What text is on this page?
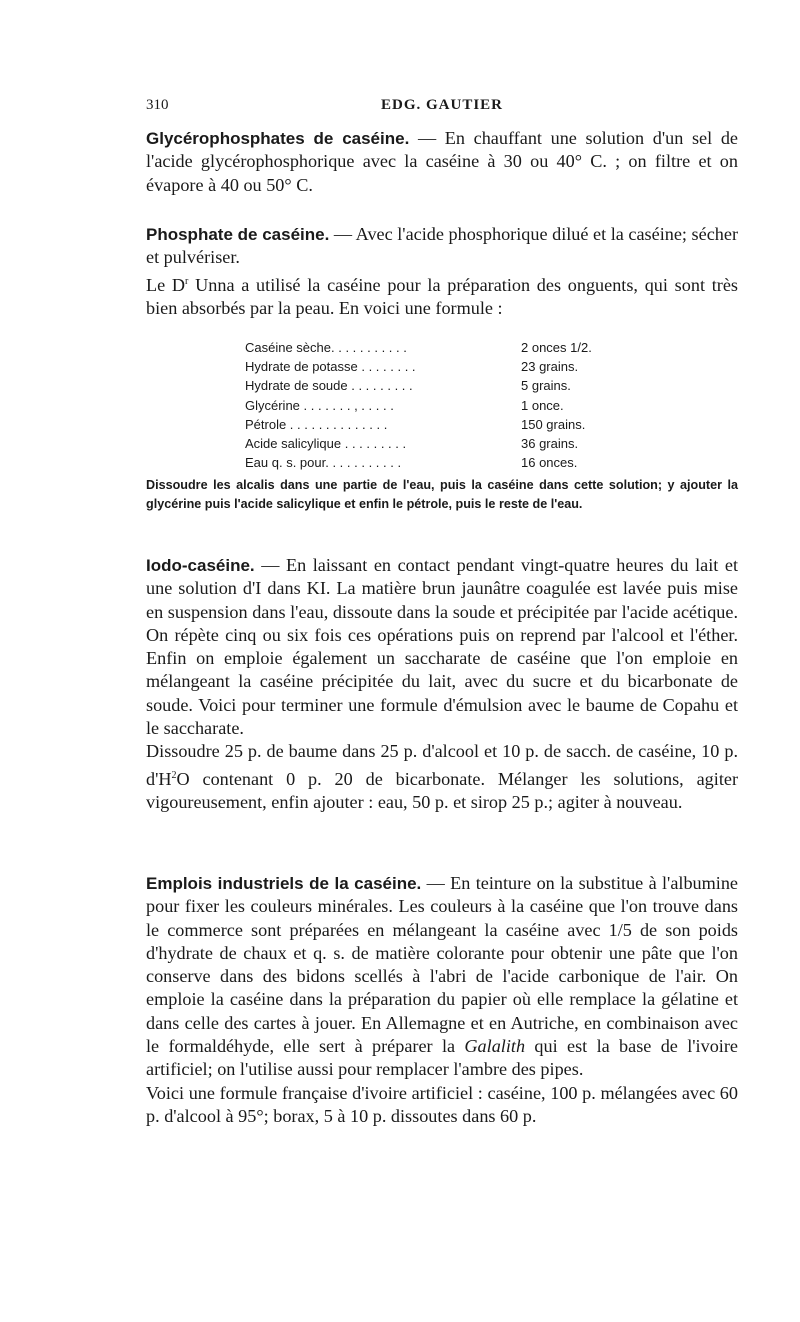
310	EDG. GAUTIER

Glycérophosphates de caséine. — En chauffant une solution d'un sel de l'acide glycérophosphorique avec la caséine à 30 ou 40° C. ; on filtre et on évapore à 40 ou 50° C.

Phosphate de caséine. — Avec l'acide phosphorique dilué et la caséine; sécher et pulvériser.

Le $D^r$ Unna a utilisé la caséine pour la préparation des onguents, qui sont très bien absorbés par la peau. En voici une formule :

Caséine sèche. . . . . . . . . . .	2 onces 1/2.
Hydrate de potasse . . . . . . . .	23 grains.
Hydrate de soude . . . . . . . . .	5 grains.
Glycérine . . . . . . . , . . . . .	1 once.
Pétrole . . . . . . . . . . . . . .	150 grains.
Acide salicylique . . . . . . . . .	36 grains.
Eau q. s. pour. . . . . . . . . . .	16 onces.

Dissoudre les alcalis dans une partie de l'eau, puis la caséine dans cette solution; y ajouter la glycérine puis l'acide salicylique et enfin le pétrole, puis le reste de l'eau.

Iodo-caséine. — En laissant en contact pendant vingt-quatre heures du lait et une solution d'I dans KI. La matière brun jaunâtre coagulée est lavée puis mise en suspension dans l'eau, dissoute dans la soude et précipitée par l'acide acétique. On répète cinq ou six fois ces opérations puis on reprend par l'alcool et l'éther. Enfin on emploie également un saccharate de caséine que l'on emploie en mélangeant la caséine précipitée du lait, avec du sucre et du bicarbonate de soude. Voici pour terminer une formule d'émulsion avec le baume de Copahu et le saccharate.

Dissoudre 25 p. de baume dans 25 p. d'alcool et 10 p. de sacch. de caséine, 10 p. $d'H^2O$ contenant 0 p. 20 de bicarbonate. Mélanger les solutions, agiter vigoureusement, enfin ajouter : eau, 50 p. et sirop 25 p.; agiter à nouveau.

Emplois industriels de la caséine. — En teinture on la substitue à l'albumine pour fixer les couleurs minérales. Les couleurs à la caséine que l'on trouve dans le commerce sont préparées en mélangeant la caséine avec 1/5 de son poids d'hydrate de chaux et q. s. de matière colorante pour obtenir une pâte que l'on conserve dans des bidons scellés à l'abri de l'acide carbonique de l'air. On emploie la caséine dans la préparation du papier où elle remplace la gélatine et dans celle des cartes à jouer. En Allemagne et en Autriche, en combinaison avec le formaldéhyde, elle sert à préparer la Galalith qui est la base de l'ivoire artificiel; on l'utilise aussi pour remplacer l'ambre des pipes.

Voici une formule française d'ivoire artificiel : caséine, 100 p. mélangées avec 60 p. d'alcool à 95°; borax, 5 à 10 p. dissoutes dans 60 p.
